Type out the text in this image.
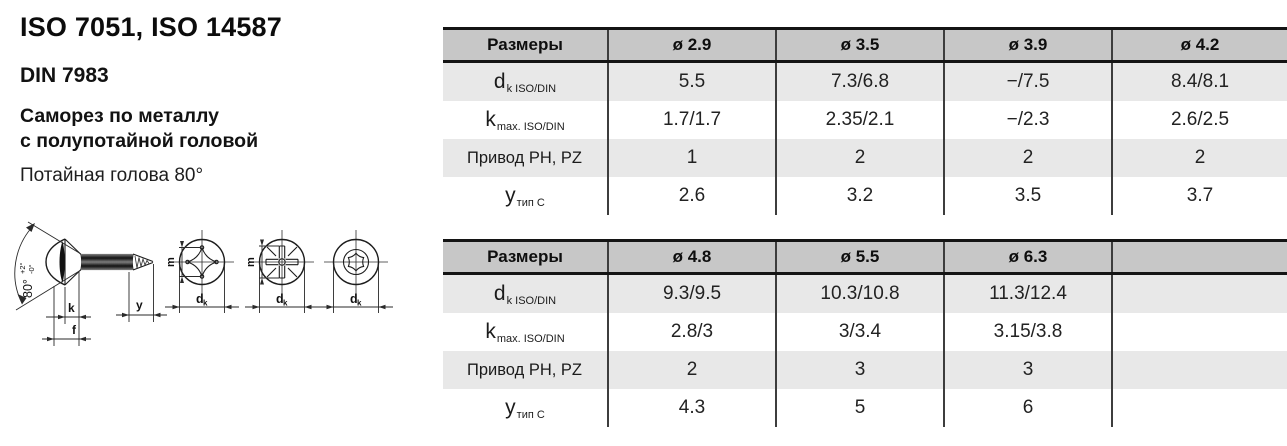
ISO 7051, ISO 14587
DIN 7983
Саморез по металлу
с полупотайной головой
Потайная голова 80°
80°
+2° -0°
k
f
y
m
d k
m
d k	d k
Размеры	ø 2.9	ø 3.5	ø 3.9	ø 4.2
$d_{k ISO/DIN}$	5.5	7.3/6.8	−/7.5	8.4/8.1
$k_{max. ISO/DIN}$	1.7/1.7	2.35/2.1	−/2.3	2.6/2.5
Привод PH, PZ	1	2	2	2
$y_{тип C}$	2.6	3.2	3.5	3.7
Размеры	ø 4.8	ø 5.5	ø 6.3	
$d_{k ISO/DIN}$	9.3/9.5	10.3/10.8	11.3/12.4	
$k_{max. ISO/DIN}$	2.8/3	3/3.4	3.15/3.8	
Привод PH, PZ	2	3	3	
$y_{тип C}$	4.3	5	6	
